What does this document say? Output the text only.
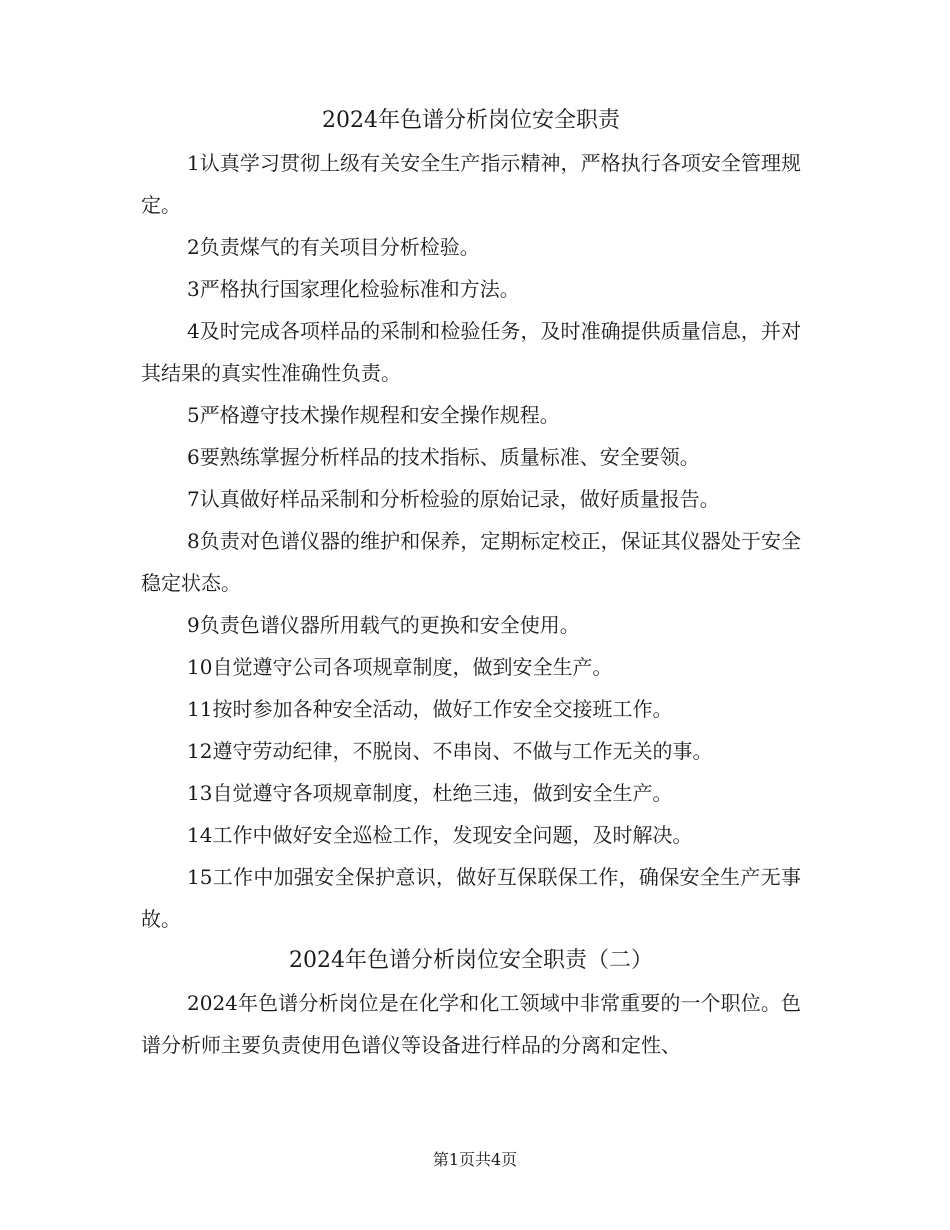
2024年色谱分析岗位安全职责

1认真学习贯彻上级有关安全生产指示精神，严格执行各项安全管理规定。

2负责煤气的有关项目分析检验。

3严格执行国家理化检验标准和方法。

4及时完成各项样品的采制和检验任务，及时准确提供质量信息，并对其结果的真实性准确性负责。

5严格遵守技术操作规程和安全操作规程。

6要熟练掌握分析样品的技术指标、质量标准、安全要领。

7认真做好样品采制和分析检验的原始记录，做好质量报告。

8负责对色谱仪器的维护和保养，定期标定校正，保证其仪器处于安全稳定状态。

9负责色谱仪器所用载气的更换和安全使用。

10自觉遵守公司各项规章制度，做到安全生产。

11按时参加各种安全活动，做好工作安全交接班工作。

12遵守劳动纪律，不脱岗、不串岗、不做与工作无关的事。

13自觉遵守各项规章制度，杜绝三违，做到安全生产。

14工作中做好安全巡检工作，发现安全问题，及时解决。

15工作中加强安全保护意识，做好互保联保工作，确保安全生产无事故。

2024年色谱分析岗位安全职责（二）

2024年色谱分析岗位是在化学和化工领域中非常重要的一个职位。色谱分析师主要负责使用色谱仪等设备进行样品的分离和定性、

第1页共4页
